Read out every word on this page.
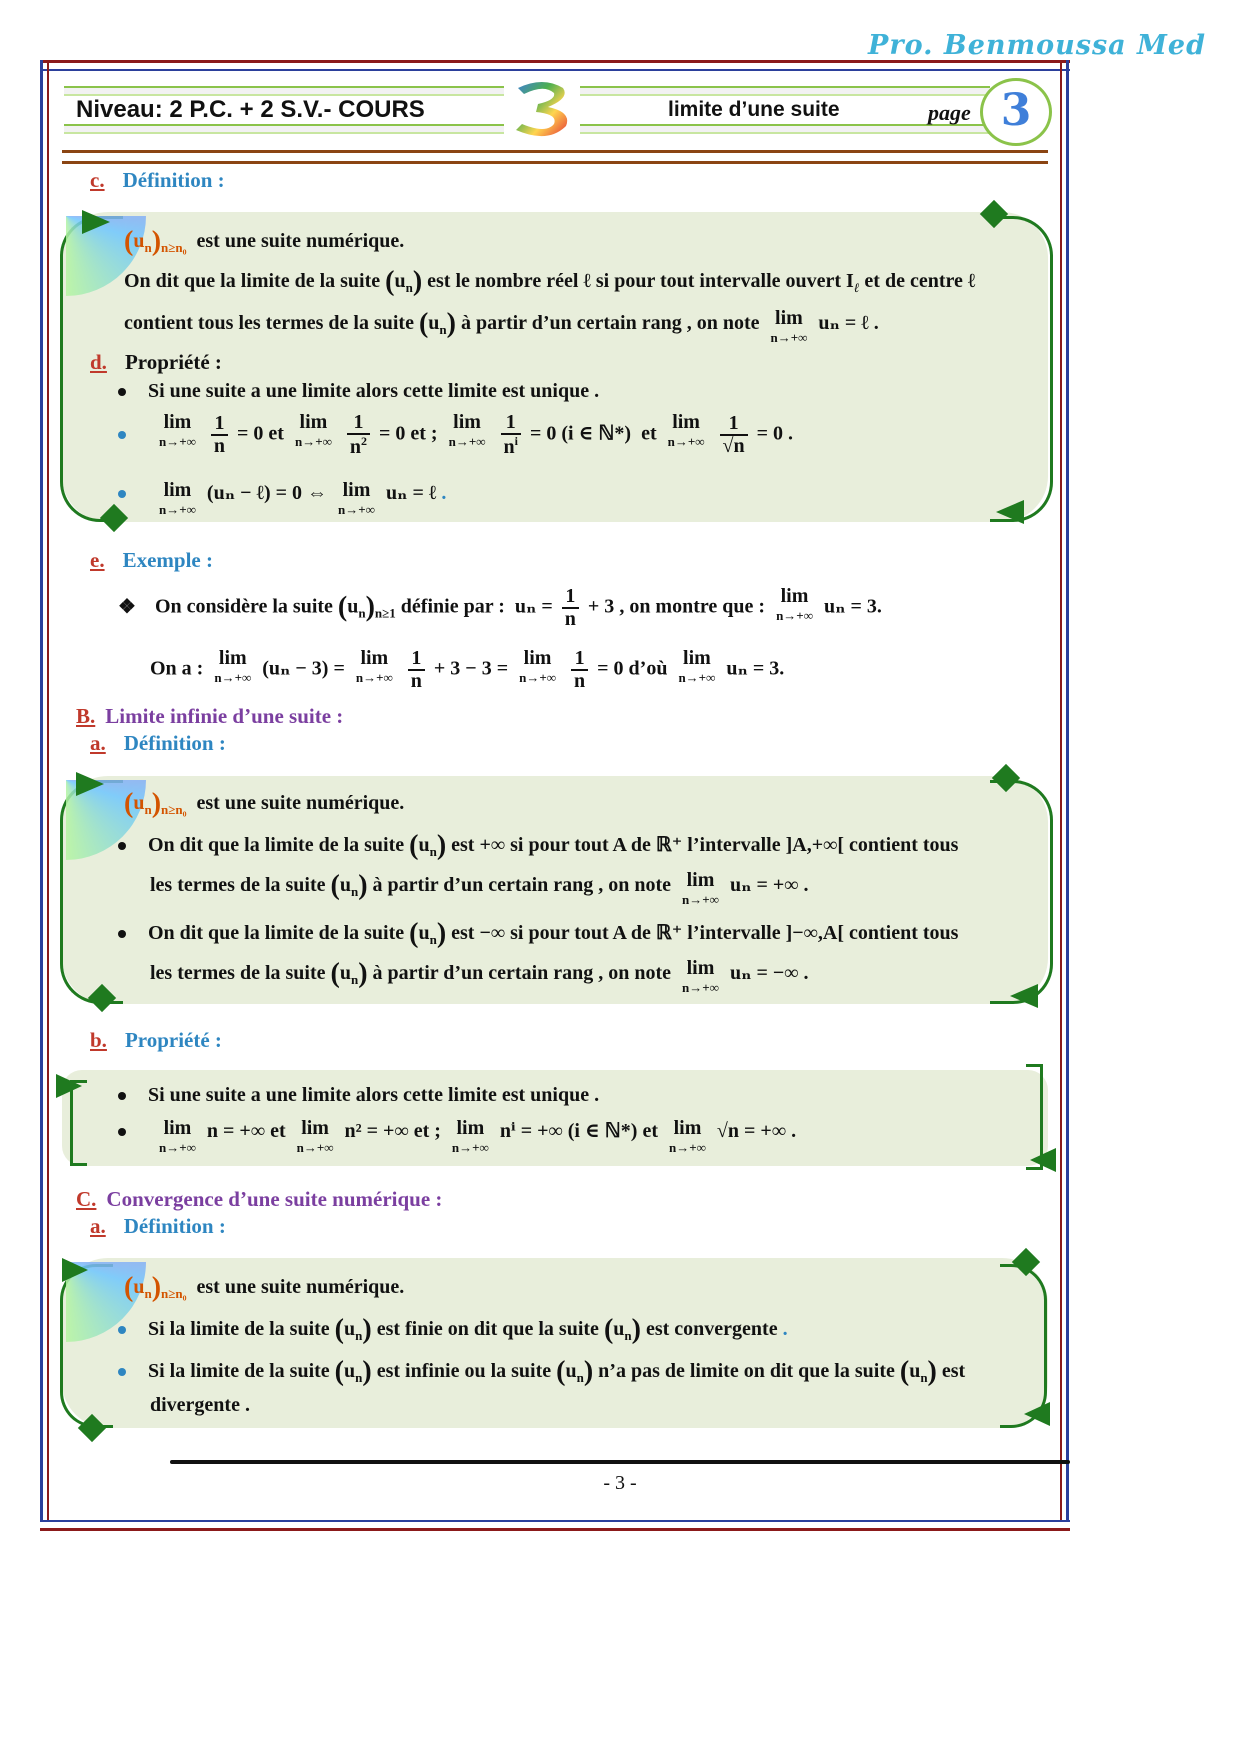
Pro. Benmoussa Med
Niveau: 2 P.C. + 2 S.V.- COURS	limite d’une suite	page 3
c. Définition :
$(u_n)_{n\ge n_0}$ est une suite numérique.
On dit que la limite de la suite $(u_n)$ est le nombre réel ℓ si pour tout intervalle ouvert $I_\ell$ et de centre ℓ
contient tous les termes de la suite $(u_n)$ à partir d’un certain rang , on note lim
n→+∞
uₙ = ℓ .
d. Propriété :
Si une suite a une limite alors cette limite est unique .
lim
n→+∞
$\frac{1}{n} = 0$ et lim
n→+∞
$\frac{1}{n^2} = 0$ et ; lim
n→+∞
$\frac{1}{n^i} = 0$ (i ∈ ℕ*) et lim
n→+∞
$\frac{1}{√n} = 0$ .
lim
n→+∞
(uₙ − ℓ) = 0 ⇔ lim
n→+∞
uₙ = ℓ .
e. Exemple :
❖ On considère la suite $(u_n)_{n\ge 1}$ définie par : $u_n = \frac{1}{n} + 3$ , on montre que : lim
n→+∞ uₙ = 3.
On a : lim
n→+∞ (uₙ − 3) = lim
n→+∞
$\frac{1}{n} + 3 - 3 = \lim$
n→+∞
$\frac{1}{n} = 0$ d’où lim
n→+∞ uₙ = 3.
B. Limite infinie d’une suite :
a. Définition :
$(u_n)_{n\ge n_0}$ est une suite numérique.
On dit que la limite de la suite $(u_n)$ est +∞ si pour tout A de ℝ⁺ l’intervalle ]A,+∞[ contient tous
les termes de la suite $(u_n)$ à partir d’un certain rang , on note lim
n→+∞
uₙ = +∞ .
On dit que la limite de la suite $(u_n)$ est −∞ si pour tout A de ℝ⁺ l’intervalle ]−∞,A[ contient tous
les termes de la suite $(u_n)$ à partir d’un certain rang , on note lim
n→+∞
uₙ = −∞ .
b. Propriété :
Si une suite a une limite alors cette limite est unique .
lim
n→+∞
n = +∞ et lim
n→+∞
n² = +∞ et ; lim
n→+∞
nⁱ = +∞ (i ∈ ℕ*) et lim
n→+∞
√n = +∞ .
C. Convergence d’une suite numérique :
a. Définition :
$(u_n)_{n\ge n_0}$ est une suite numérique.
Si la limite de la suite $(u_n)$ est finie on dit que la suite $(u_n)$ est convergente .
Si la limite de la suite $(u_n)$ est infinie ou la suite $(u_n)$ n’a pas de limite on dit que la suite $(u_n)$ est
divergente .
- 3 -
